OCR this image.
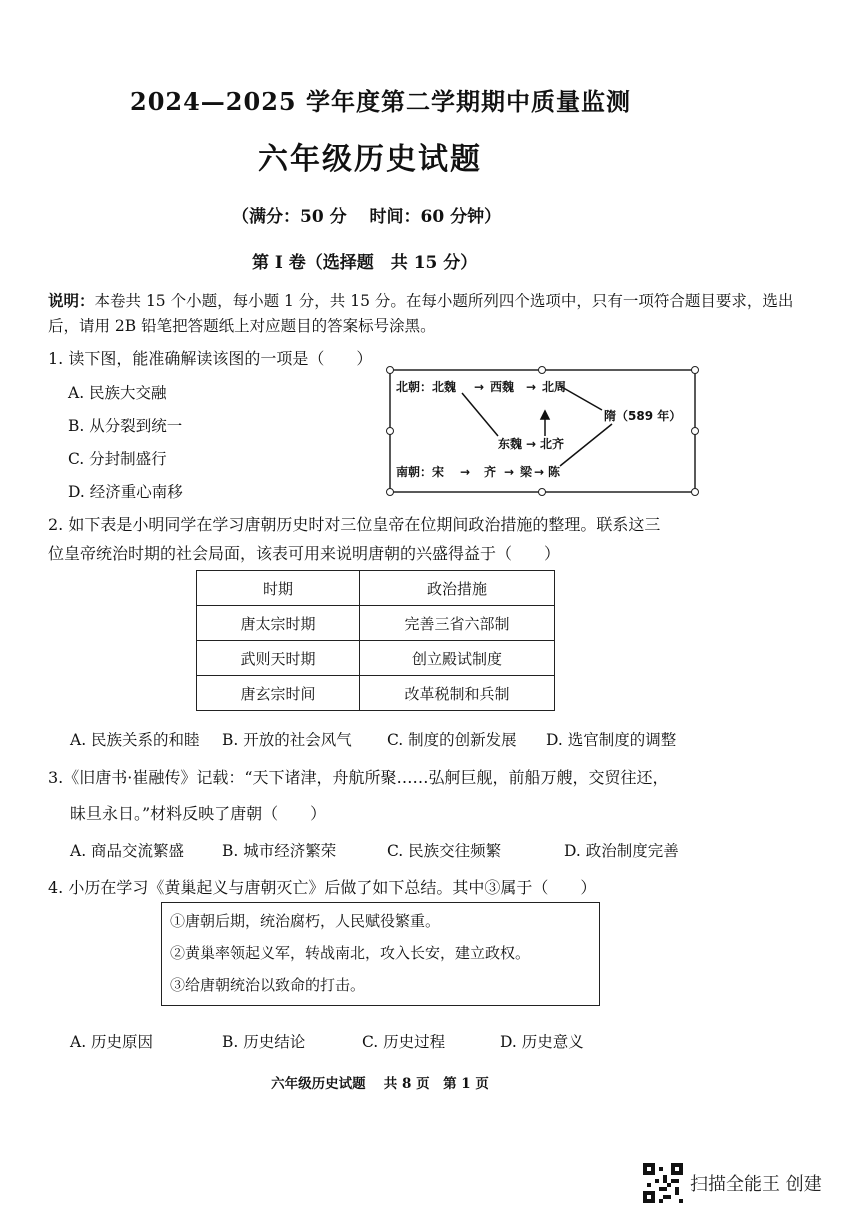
2024—2025 学年度第二学期期中质量监测
六年级历史试题
（满分：50 分　 时间：60 分钟）
第 I 卷（选择题　共 15 分）
说明：本卷共 15 个小题，每小题 1 分，共 15 分。在每小题所列四个选项中，只有一项符合题目要求，选出后，请用 2B 铅笔把答题纸上对应题目的答案标号涂黑。
1. 读下图，能准确解读该图的一项是（　　）
A. 民族大交融
B. 从分裂到统一
C. 分封制盛行
D. 经济重心南移
北朝：北魏 → 西魏 → 北周
隋（589 年）
东魏 → 北齐
南朝：宋 → 齐 → 梁 → 陈
2. 如下表是小明同学在学习唐朝历史时对三位皇帝在位期间政治措施的整理。联系这三
位皇帝统治时期的社会局面，该表可用来说明唐朝的兴盛得益于（　　）
时期	政治措施
唐太宗时期	完善三省六部制
武则天时期	创立殿试制度
唐玄宗时间	改革税制和兵制
A. 民族关系的和睦 B. 开放的社会风气 C. 制度的创新发展 D. 选官制度的调整
3.《旧唐书·崔融传》记载：“天下诸津，舟航所聚……弘舸巨舰，前船万艘，交贸往还，
昧旦永日。”材料反映了唐朝（　　）
A. 商品交流繁盛 B. 城市经济繁荣	C. 民族交往频繁	D. 政治制度完善
4. 小历在学习《黄巢起义与唐朝灭亡》后做了如下总结。其中③属于（　　）
①唐朝后期，统治腐朽，人民赋役繁重。
②黄巢率领起义军，转战南北，攻入长安，建立政权。
③给唐朝统治以致命的打击。
A. 历史原因	B. 历史结论	C. 历史过程	D. 历史意义
六年级历史试题　 共 8 页　第 1 页
扫描全能王 创建
